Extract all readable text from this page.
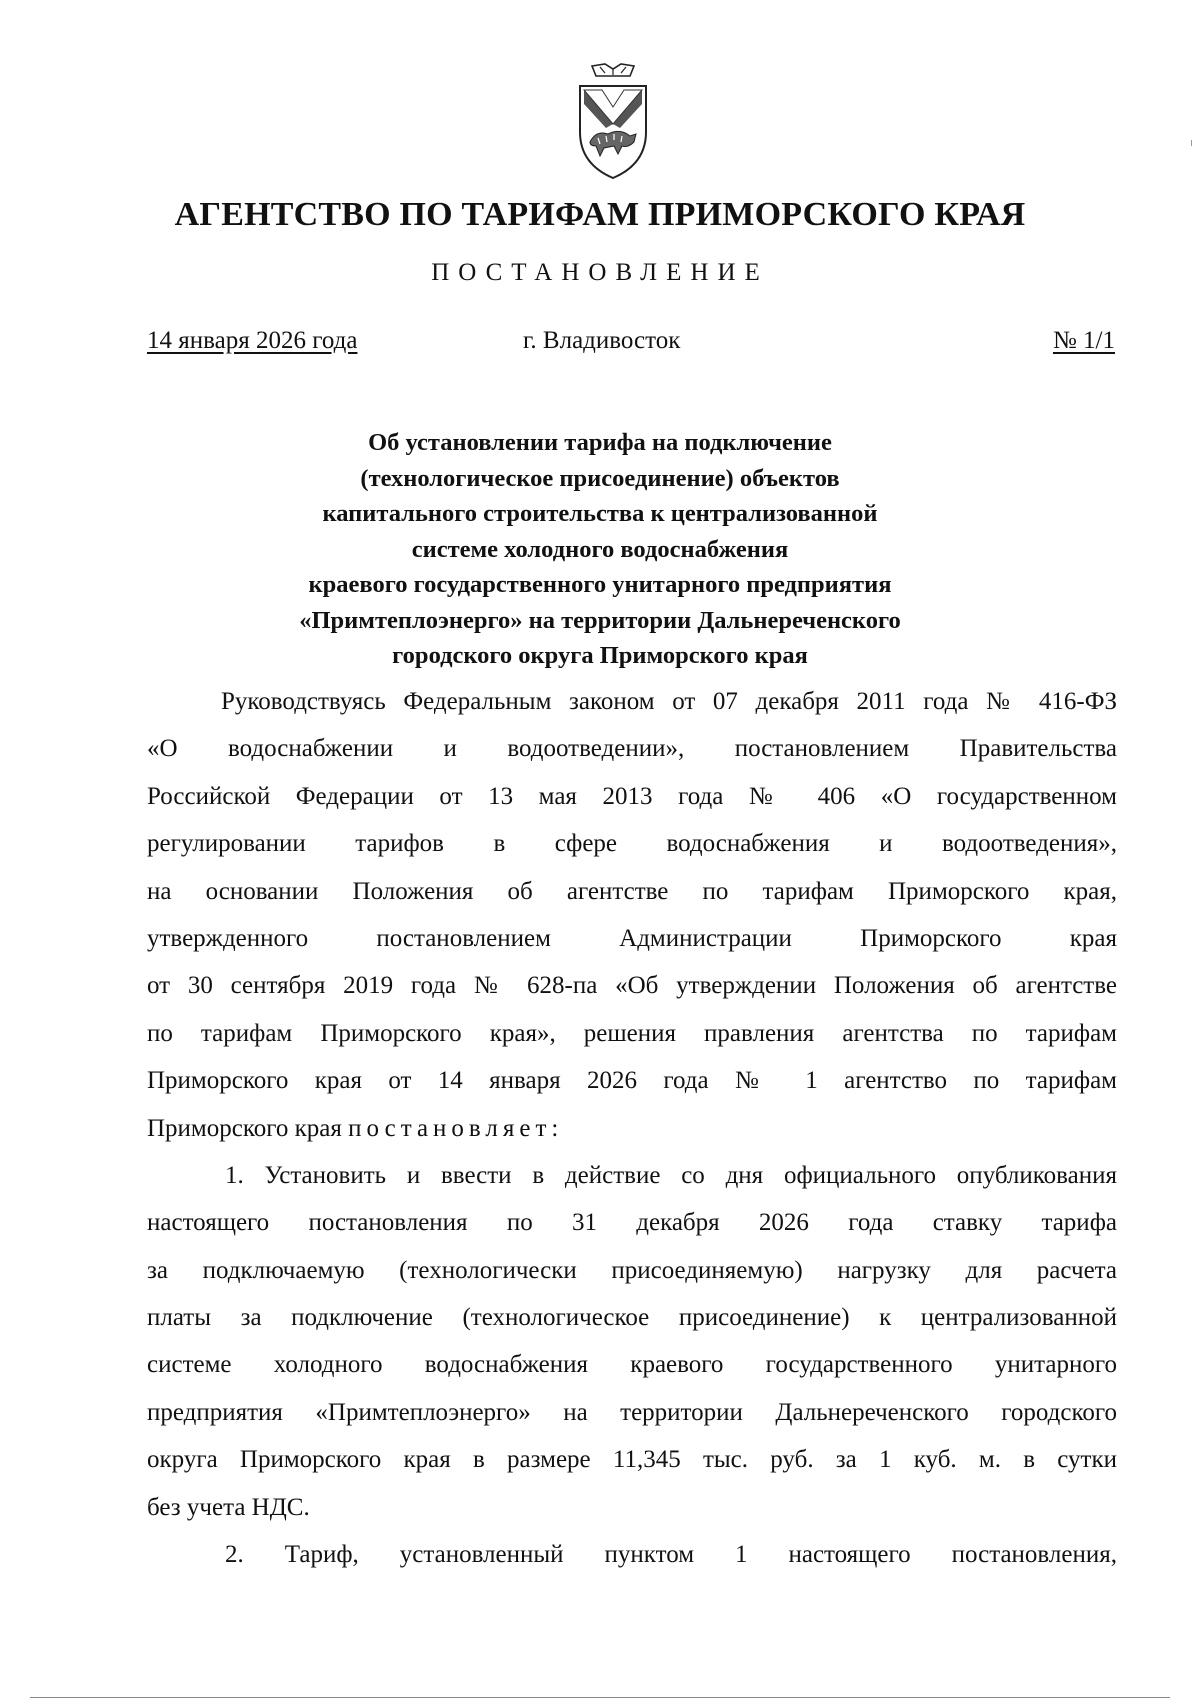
АГЕНТСТВО ПО ТАРИФАМ ПРИМОРСКОГО КРАЯ
ПОСТАНОВЛЕНИЕ
14 января 2026 года	г. Владивосток	№ 1/1
Об установлении тарифа на подключение
(технологическое присоединение) объектов
капитального строительства к централизованной
системе холодного водоснабжения
краевого государственного унитарного предприятия
«Примтеплоэнерго» на территории Дальнереченского
городского округа Приморского края
Руководствуясь Федеральным законом от 07 декабря 2011 года № 416-ФЗ
«О водоснабжении и водоотведении», постановлением Правительства
Российской Федерации от 13 мая 2013 года № 406 «О государственном
регулировании тарифов в сфере водоснабжения и водоотведения»,
на основании Положения об агентстве по тарифам Приморского края,
утвержденного постановлением Администрации Приморского края
от 30 сентября 2019 года № 628-па «Об утверждении Положения об агентстве
по тарифам Приморского края», решения правления агентства по тарифам
Приморского края от 14 января 2026 года № 1 агентство по тарифам
Приморского края постановляет:
1. Установить и ввести в действие со дня официального опубликования
настоящего постановления по 31 декабря 2026 года ставку тарифа
за подключаемую (технологически присоединяемую) нагрузку для расчета
платы за подключение (технологическое присоединение) к централизованной
системе холодного водоснабжения краевого государственного унитарного
предприятия «Примтеплоэнерго» на территории Дальнереченского городского
округа Приморского края в размере 11,345 тыс. руб. за 1 куб. м. в сутки
без учета НДС.
2. Тариф, установленный пунктом 1 настоящего постановления,
